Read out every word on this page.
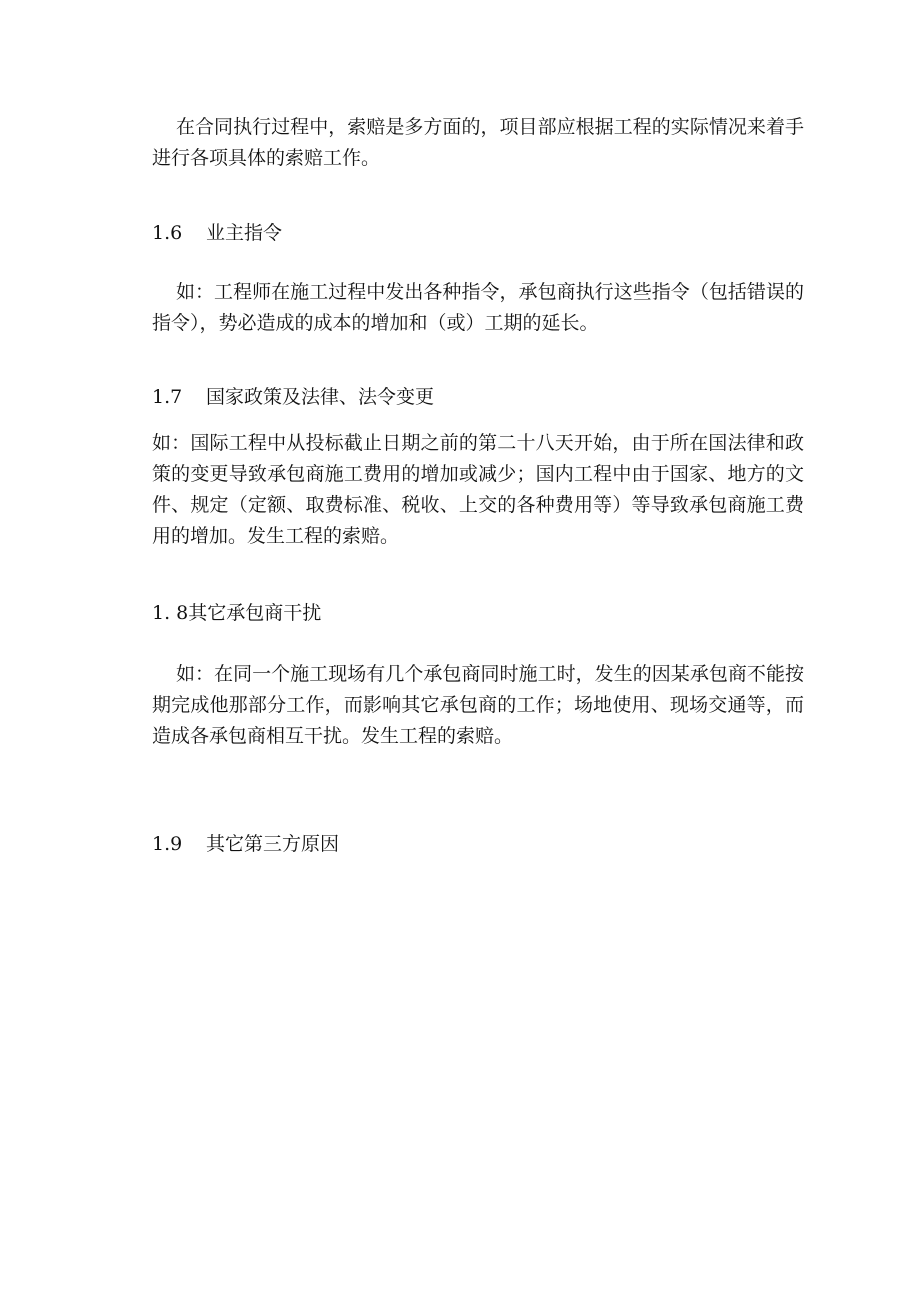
在合同执行过程中，索赔是多方面的，项目部应根据工程的实际情况来着手进行各项具体的索赔工作。

1.6 业主指令

如：工程师在施工过程中发出各种指令，承包商执行这些指令（包括错误的指令），势必造成的成本的增加和（或）工期的延长。

1.7 国家政策及法律、法令变更

如：国际工程中从投标截止日期之前的第二十八天开始，由于所在国法律和政策的变更导致承包商施工费用的增加或减少；国内工程中由于国家、地方的文件、规定（定额、取费标准、税收、上交的各种费用等）等导致承包商施工费用的增加。发生工程的索赔。

1. 8其它承包商干扰

如：在同一个施工现场有几个承包商同时施工时，发生的因某承包商不能按期完成他那部分工作，而影响其它承包商的工作；场地使用、现场交通等，而造成各承包商相互干扰。发生工程的索赔。

1.9 其它第三方原因
